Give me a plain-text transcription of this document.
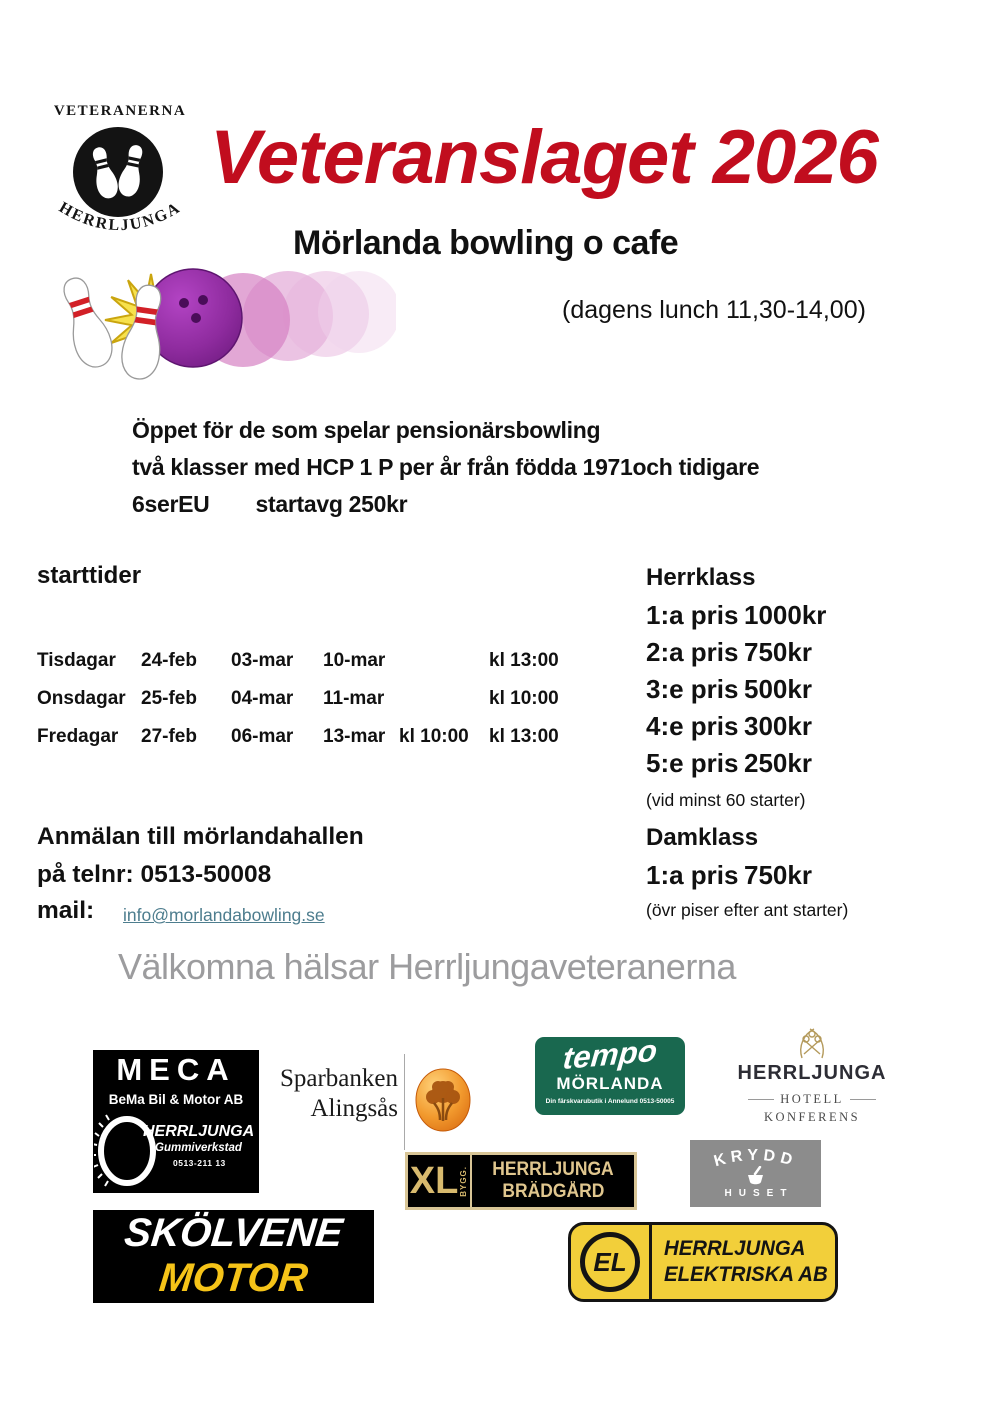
VETERANERNA
HERRLJUNGA
Veteranslaget 2026
Mörlanda bowling o cafe
(dagens lunch 11,30-14,00)
Öppet för de som spelar pensionärsbowling
två klasser med HCP 1 P per år från födda 1971och tidigare
6serEU startavg 250kr
starttider
Tisdagar 24-feb 03-mar 10-mar	kl 13:00
Onsdagar 25-feb 04-mar 11-mar	kl 10:00
Fredagar 27-feb 06-mar 13-mar kl 10:00 kl 13:00
Herrklass
1:a pris 1000kr
2:a pris 750kr
3:e pris 500kr
4:e pris 300kr
5:e pris 250kr
(vid minst 60 starter)
Damklass
1:a pris 750kr
(övr piser efter ant starter)
Anmälan till mörlandahallen
på telnr: 0513-50008
mail: info@morlandabowling.se
Välkomna hälsar Herrljungaveteranerna
MECA
BeMa Bil & Motor AB
HERRLJUNGA
Gummiverkstad
0513-211 13
Sparbanken
Alingsås
tempo
MÖRLANDA
Din färskvarubutik i Annelund 0513-50005
HERRLJUNGA
HOTELL
KONFERENS
XL BYGG. HERRLJUNGA
BRÄDGÅRD
KRYDD
HUSET
SKÖLVENE
MOTOR	EL	HERRLJUNGA
ELEKTRISKA AB
